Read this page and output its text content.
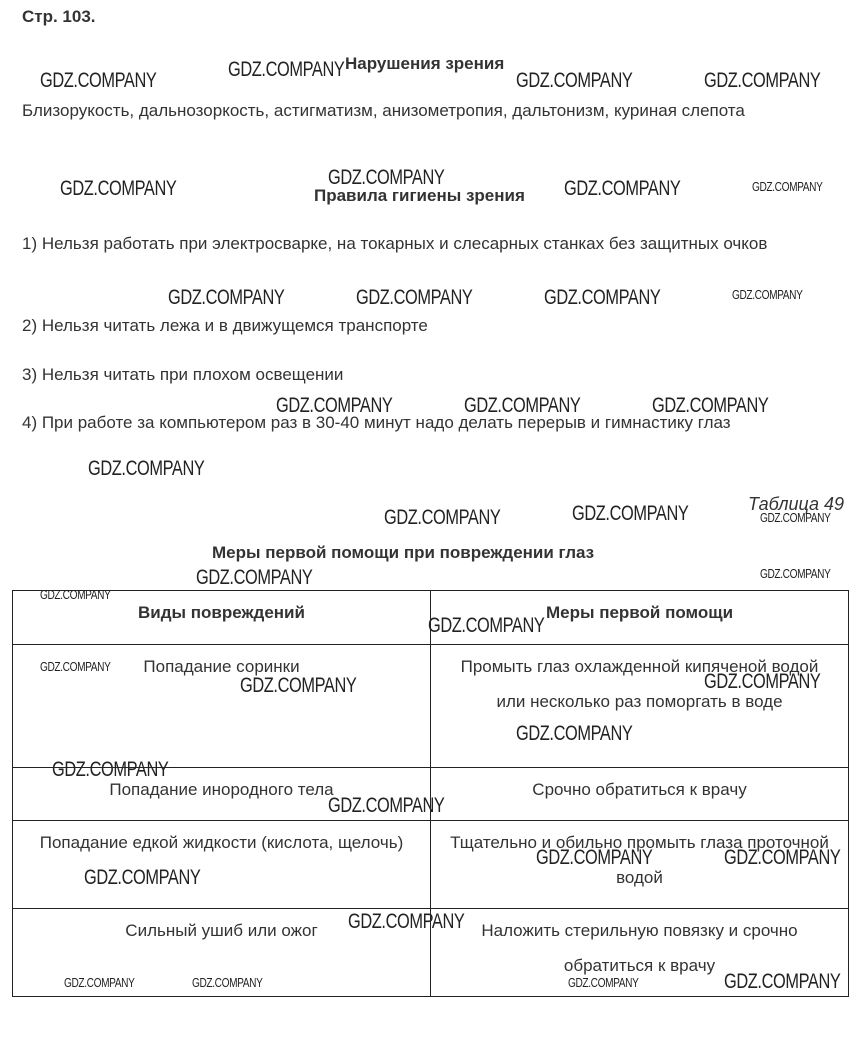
Стр. 103.
Нарушения зрения
Близорукость, дальнозоркость, астигматизм, анизометропия, дальтонизм, куриная слепота
Правила гигиены зрения
1) Нельзя работать при электросварке, на токарных и слесарных станках без защитных очков
2) Нельзя читать лежа и в движущемся транспорте
3) Нельзя читать при плохом освещении
4) При работе за компьютером раз в 30-40 минут надо делать перерыв и гимнастику глаз
Таблица 49
Меры первой помощи при повреждении глаз
Виды повреждений	Меры первой помощи
Попадание соринки	Промыть глаз охлажденной кипяченой водой или несколько раз поморгать в воде
Попадание инородного тела	Срочно обратиться к врачу
Попадание едкой жидкости (кислота, щелочь)	Тщательно и обильно промыть глаза проточной водой
Сильный ушиб или ожог	Наложить стерильную повязку и срочно обратиться к врачу
GDZ.COMPANY	GDZ.COMPANY	GDZ.COMPANY	GDZ.COMPANY
GDZ.COMPANY	GDZ.COMPANY	GDZ.COMPANY	GDZ.COMPANY
GDZ.COMPANY	GDZ.COMPANY	GDZ.COMPANY	GDZ.COMPANY
GDZ.COMPANY	GDZ.COMPANY	GDZ.COMPANY
GDZ.COMPANY
GDZ.COMPANY	GDZ.COMPANY	GDZ.COMPANY
GDZ.COMPANY	GDZ.COMPANY
GDZ.COMPANY
GDZ.COMPANY
GDZ.COMPANY
GDZ.COMPANY	GDZ.COMPANY
GDZ.COMPANY
GDZ.COMPANY
GDZ.COMPANY
GDZ.COMPANY	GDZ.COMPANY
GDZ.COMPANY
GDZ.COMPANY
GDZ.COMPANY	GDZ.COMPANY	GDZ.COMPANY	GDZ.COMPANY
